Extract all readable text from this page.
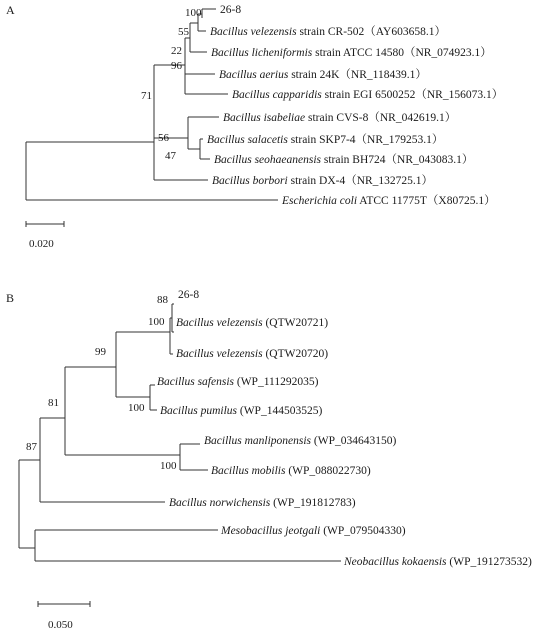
A	100
55
22
96
71
56
47
26-8
Bacillus velezensis strain CR-502（AY603658.1）
Bacillus licheniformis strain ATCC 14580（NR_074923.1）
Bacillus aerius strain 24K（NR_118439.1）
Bacillus capparidis strain EGI 6500252（NR_156073.1）
Bacillus isabeliae strain CVS-8（NR_042619.1）
Bacillus salacetis strain SKP7-4（NR_179253.1）
Bacillus seohaeanensis strain BH724（NR_043083.1）
Bacillus borbori strain DX-4（NR_132725.1）
Escherichia coli ATCC 11775T（X80725.1）
0.020
B	88
100
99
100
81
100
87
26-8
Bacillus velezensis (QTW20721)
Bacillus velezensis (QTW20720)
Bacillus safensis (WP_111292035)
Bacillus pumilus (WP_144503525)
Bacillus manliponensis (WP_034643150)
Bacillus mobilis (WP_088022730)
Bacillus norwichensis (WP_191812783)
Mesobacillus jeotgali (WP_079504330)
Neobacillus kokaensis (WP_191273532)
0.050
